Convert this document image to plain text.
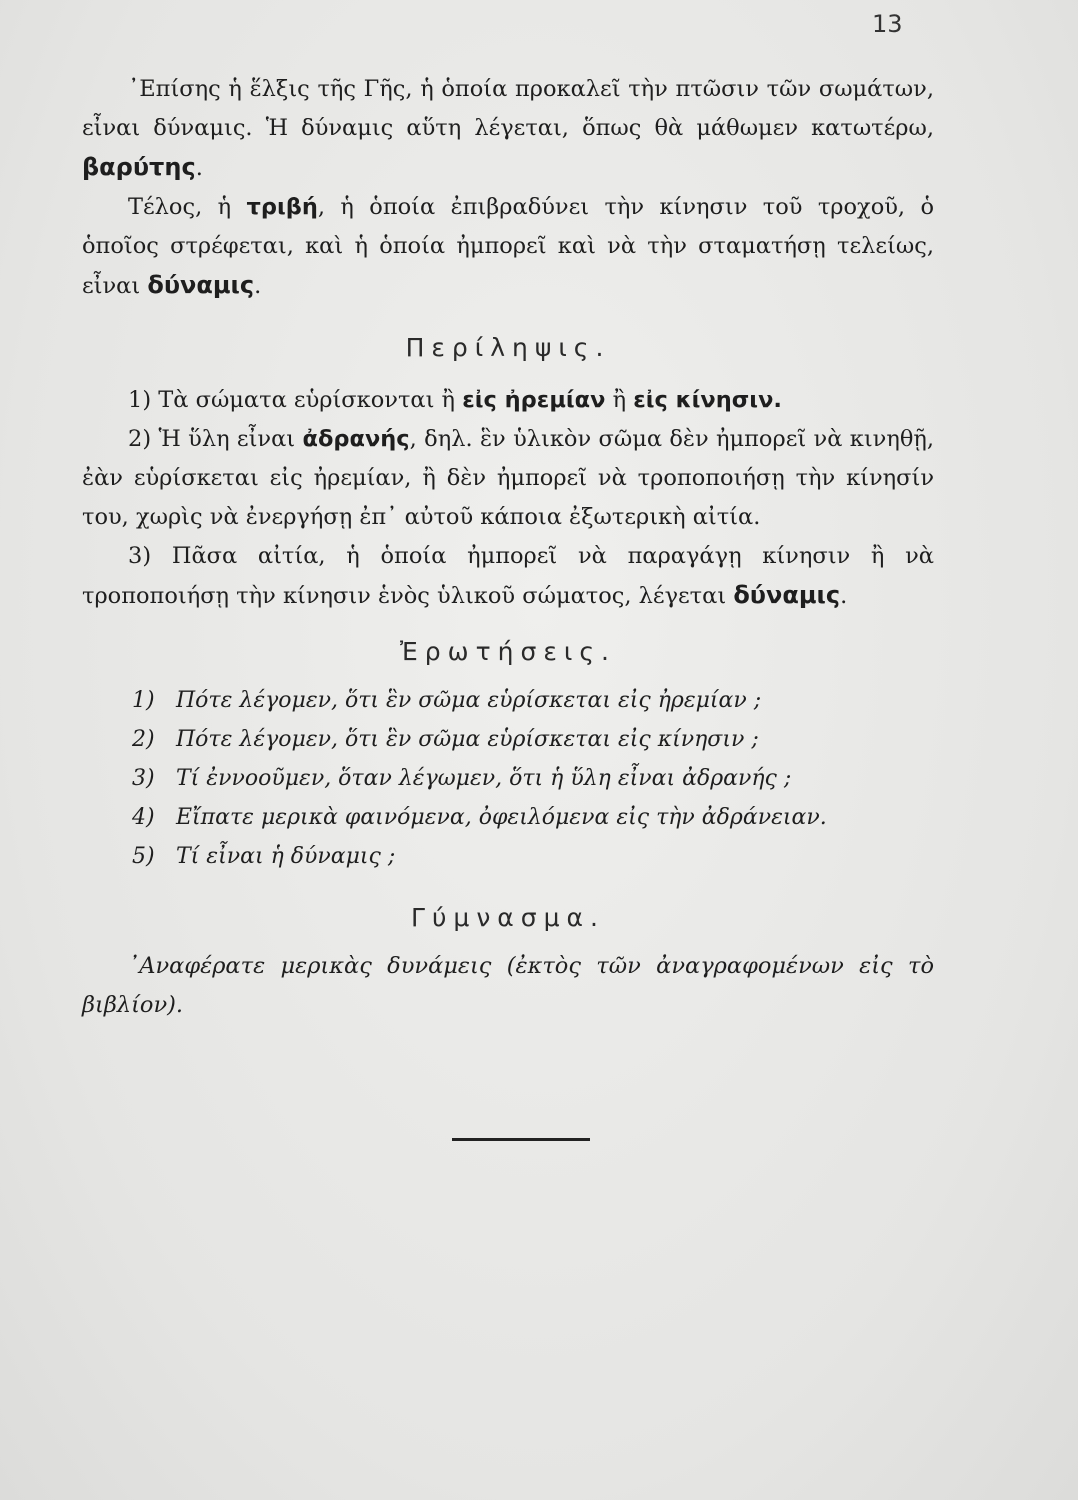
13

᾿Επίσης ἡ ἕλξις τῆς Γῆς, ἡ ὁποία προκαλεῖ τὴν πτῶσιν τῶν σωμάτων, εἶναι δύναμις. Ἡ δύναμις αὕτη λέγεται, ὅπως θὰ μάθωμεν κατωτέρω, βαρύτης.

Τέλος, ἡ τριβή, ἡ ὁποία ἐπιβραδύνει τὴν κίνησιν τοῦ τροχοῦ, ὁ ὁποῖος στρέφεται, καὶ ἡ ὁποία ἠμπορεῖ καὶ νὰ τὴν σταματήσῃ τελείως, εἶναι δύναμις.

Περίληψις.

1) Τὰ σώματα εὑρίσκονται ἢ εἰς ἠρεμίαν ἢ εἰς κίνησιν.

2) Ἡ ὕλη εἶναι ἀδρανής, δηλ. ἓν ὑλικὸν σῶμα δὲν ἠμπορεῖ νὰ κινηθῇ, ἐὰν εὑρίσκεται εἰς ἠρεμίαν, ἢ δὲν ἠμπορεῖ νὰ τροποποιήσῃ τὴν κίνησίν του, χωρὶς νὰ ἐνεργήσῃ ἐπ᾿ αὐτοῦ κάποια ἐξωτερικὴ αἰτία.

3) Πᾶσα αἰτία, ἡ ὁποία ἠμπορεῖ νὰ παραγάγῃ κίνησιν ἢ νὰ τροποποιήσῃ τὴν κίνησιν ἑνὸς ὑλικοῦ σώματος, λέγεται δύναμις.

Ἐρωτήσεις.
1) Πότε λέγομεν, ὅτι ἓν σῶμα εὑρίσκεται εἰς ἠρεμίαν ;
2) Πότε λέγομεν, ὅτι ἓν σῶμα εὑρίσκεται εἰς κίνησιν ;
3) Τί ἐννοοῦμεν, ὅταν λέγωμεν, ὅτι ἡ ὕλη εἶναι ἀδρανής ;
4) Εἴπατε μερικὰ φαινόμενα, ὀφειλόμενα εἰς τὴν ἀδράνειαν.
5) Τί εἶναι ἡ δύναμις ;
Γύμνασμα.

᾿Αναφέρατε μερικὰς δυνάμεις (ἐκτὸς τῶν ἀναγραφομένων εἰς τὸ βιβλίον).
